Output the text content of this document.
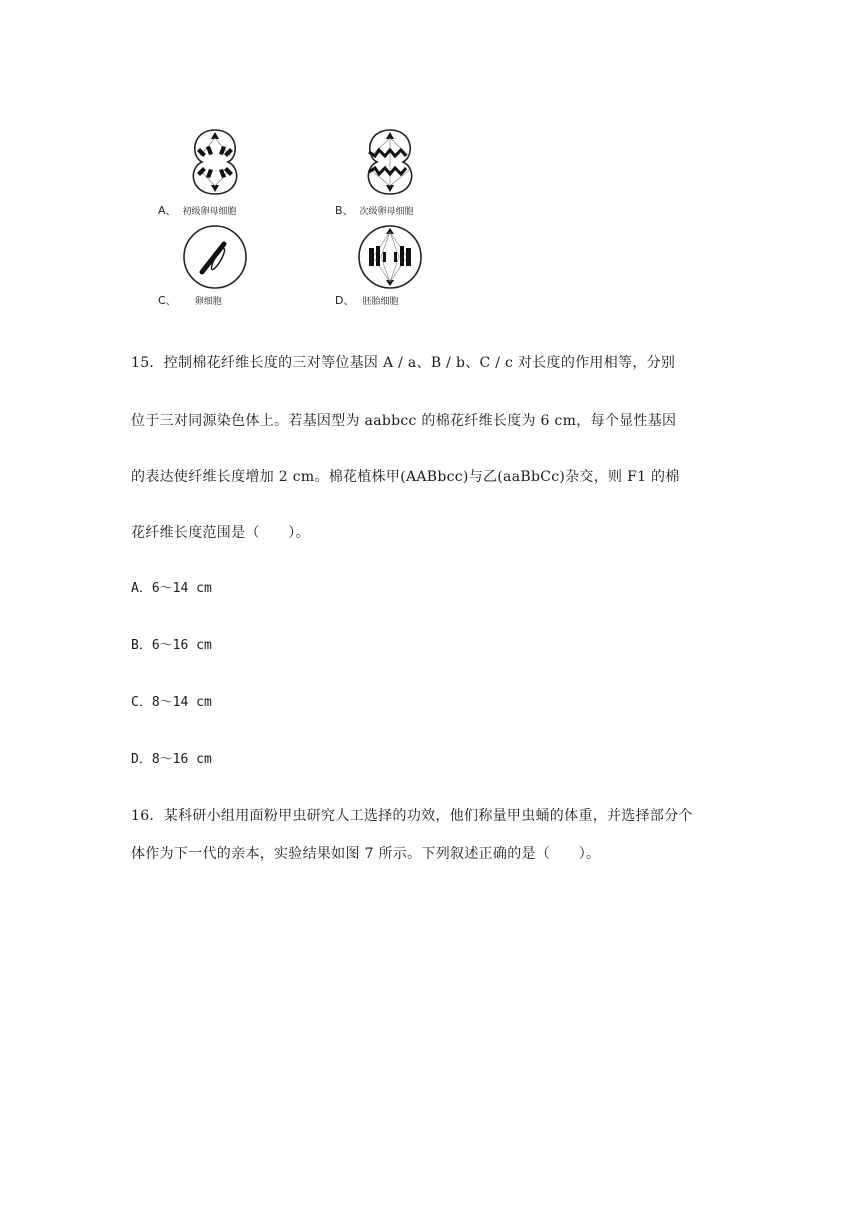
A、 初级卵母细胞	B、 次级卵母细胞
C、 卵细胞	D、 胚胎细胞
15．控制棉花纤维长度的三对等位基因 A / a、B / b、C / c 对长度的作用相等，分别
位于三对同源染色体上。若基因型为 aabbcc 的棉花纤维长度为 6 cm，每个显性基因
的表达使纤维长度增加 2 cm。棉花植株甲(AABbcc)与乙(aaBbCc)杂交，则 F1 的棉
花纤维长度范围是（　　）。
A．6～14 cm
B．6～16 cm
C．8～14 cm
D．8～16 cm
16．某科研小组用面粉甲虫研究人工选择的功效，他们称量甲虫蛹的体重，并选择部分个
体作为下一代的亲本，实验结果如图 7 所示。下列叙述正确的是（　　）。
